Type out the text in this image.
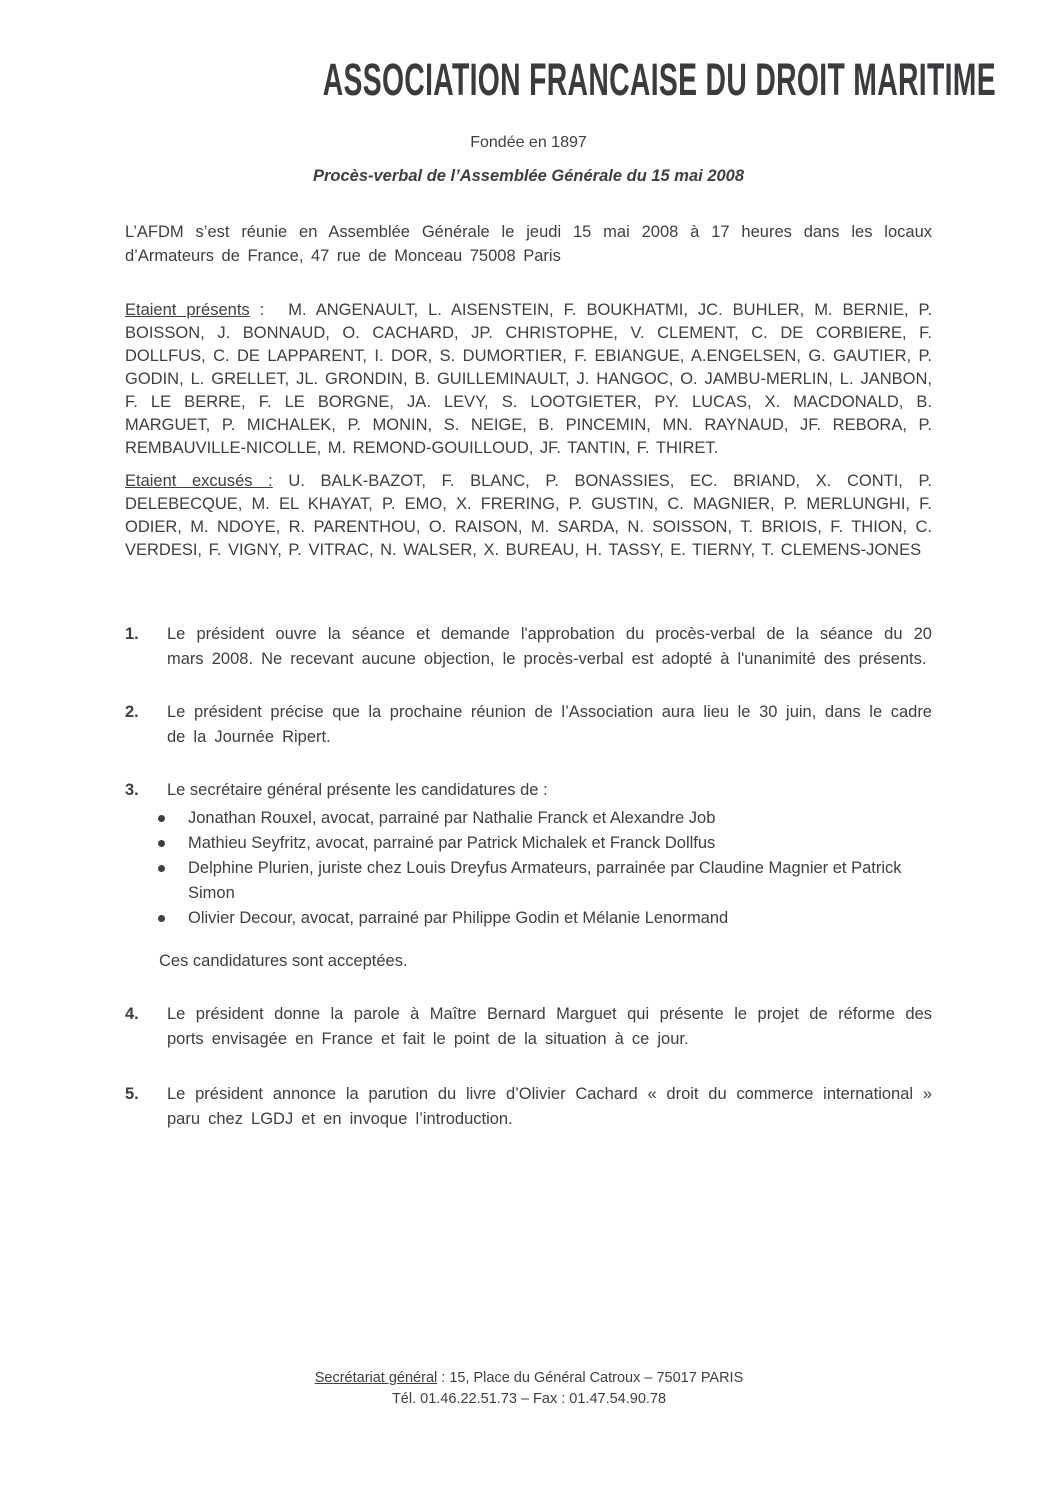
ASSOCIATION FRANCAISE DU DROIT MARITIME

Fondée en 1897

Procès-verbal de l’Assemblée Générale du 15 mai 2008

L’AFDM s’est réunie en Assemblée Générale le jeudi 15 mai 2008 à 17 heures dans les locaux d’Armateurs de France, 47 rue de Monceau 75008 Paris

Etaient présents : M. ANGENAULT, L. AISENSTEIN, F. BOUKHATMI, JC. BUHLER, M. BERNIE, P. BOISSON, J. BONNAUD, O. CACHARD, JP. CHRISTOPHE, V. CLEMENT, C. DE CORBIERE, F. DOLLFUS, C. DE LAPPARENT, I. DOR, S. DUMORTIER, F. EBIANGUE, A.ENGELSEN, G. GAUTIER, P. GODIN, L. GRELLET, JL. GRONDIN, B. GUILLEMINAULT, J. HANGOC, O. JAMBU-MERLIN, L. JANBON, F. LE BERRE, F. LE BORGNE, JA. LEVY, S. LOOTGIETER, PY. LUCAS, X. MACDONALD, B. MARGUET, P. MICHALEK, P. MONIN, S. NEIGE, B. PINCEMIN, MN. RAYNAUD, JF. REBORA, P. REMBAUVILLE-NICOLLE, M. REMOND-GOUILLOUD, JF. TANTIN, F. THIRET.

Etaient excusés : U. BALK-BAZOT, F. BLANC, P. BONASSIES, EC. BRIAND, X. CONTI, P. DELEBECQUE, M. EL KHAYAT, P. EMO, X. FRERING, P. GUSTIN, C. MAGNIER, P. MERLUNGHI, F. ODIER, M. NDOYE, R. PARENTHOU, O. RAISON, M. SARDA, N. SOISSON, T. BRIOIS, F. THION, C. VERDESI, F. VIGNY, P. VITRAC, N. WALSER, X. BUREAU, H. TASSY, E. TIERNY, T. CLEMENS-JONES

1.	Le président ouvre la séance et demande l'approbation du procès-verbal de la séance du 20 mars 2008. Ne recevant aucune objection, le procès-verbal est adopté à l'unanimité des présents.
2.	Le président précise que la prochaine réunion de l’Association aura lieu le 30 juin, dans le cadre de la Journée Ripert.
3.	Le secrétaire général présente les candidatures de :
Jonathan Rouxel, avocat, parrainé par Nathalie Franck et Alexandre Job
Mathieu Seyfritz, avocat, parrainé par Patrick Michalek et Franck Dollfus
Delphine Plurien, juriste chez Louis Dreyfus Armateurs, parrainée par Claudine Magnier et Patrick Simon
Olivier Decour, avocat, parrainé par Philippe Godin et Mélanie Lenormand

Ces candidatures sont acceptées.

4.	Le président donne la parole à Maître Bernard Marguet qui présente le projet de réforme des ports envisagée en France et fait le point de la situation à ce jour.
5.	Le président annonce la parution du livre d’Olivier Cachard « droit du commerce international » paru chez LGDJ et en invoque l’introduction.

Secrétariat général : 15, Place du Général Catroux – 75017 PARIS

Tél. 01.46.22.51.73 – Fax : 01.47.54.90.78
